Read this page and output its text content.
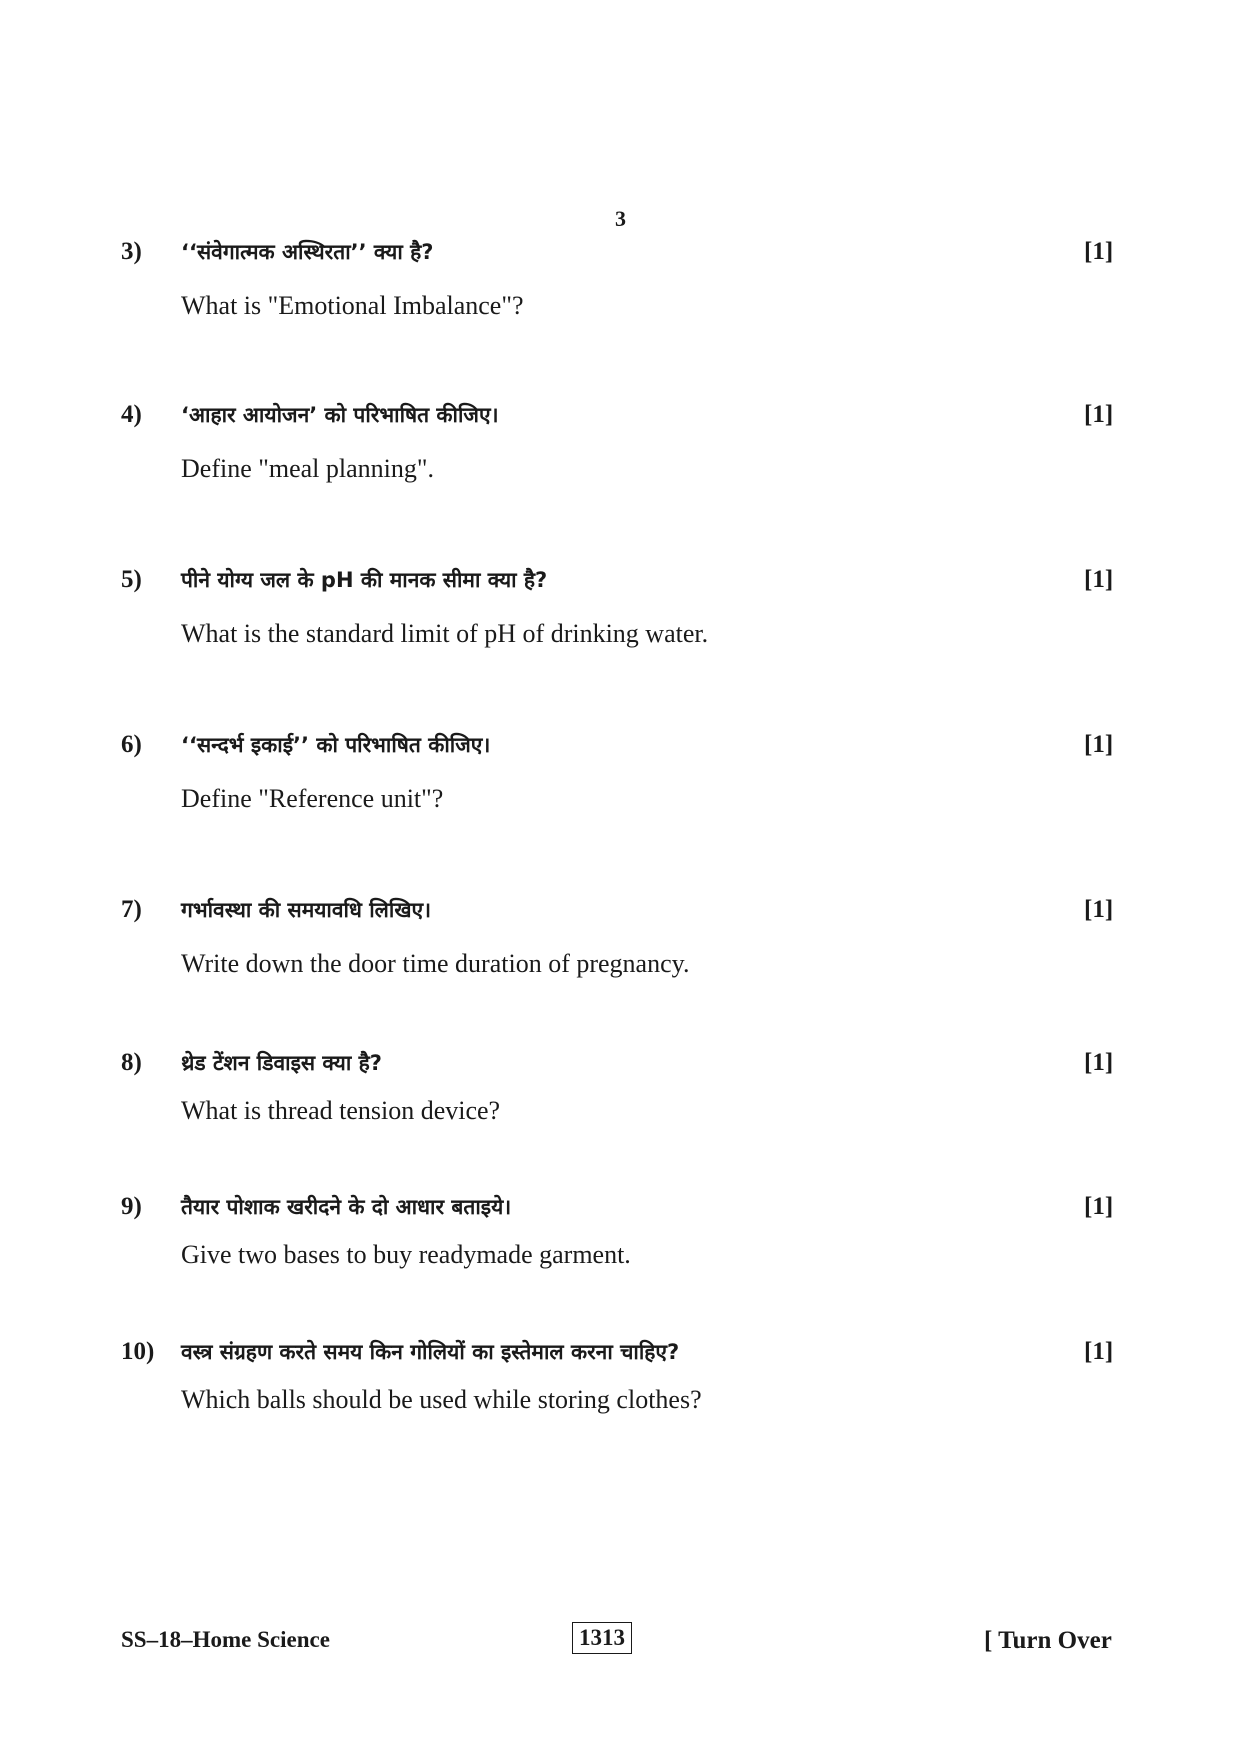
3
3) ‘‘संवेगात्मक अस्थिरता’’ क्या है?	[1]
What is "Emotional Imbalance"?
4) ‘आहार आयोजन’ को परिभाषित कीजिए।	[1]
Define "meal planning".
5) पीने योग्य जल के pH की मानक सीमा क्या है?	[1]
What is the standard limit of pH of drinking water.
6) ‘‘सन्दर्भ इकाई’’ को परिभाषित कीजिए।	[1]
Define "Reference unit"?
7) गर्भावस्था की समयावधि लिखिए।	[1]
Write down the door time duration of pregnancy.
8) थ्रेड टेंशन डिवाइस क्या है?	[1]
What is thread tension device?
9) तैयार पोशाक खरीदने के दो आधार बताइये।	[1]
Give two bases to buy readymade garment.
10) वस्त्र संग्रहण करते समय किन गोलियों का इस्तेमाल करना चाहिए?	[1]
Which balls should be used while storing clothes?
SS–18–Home Science	1313	[ Turn Over
